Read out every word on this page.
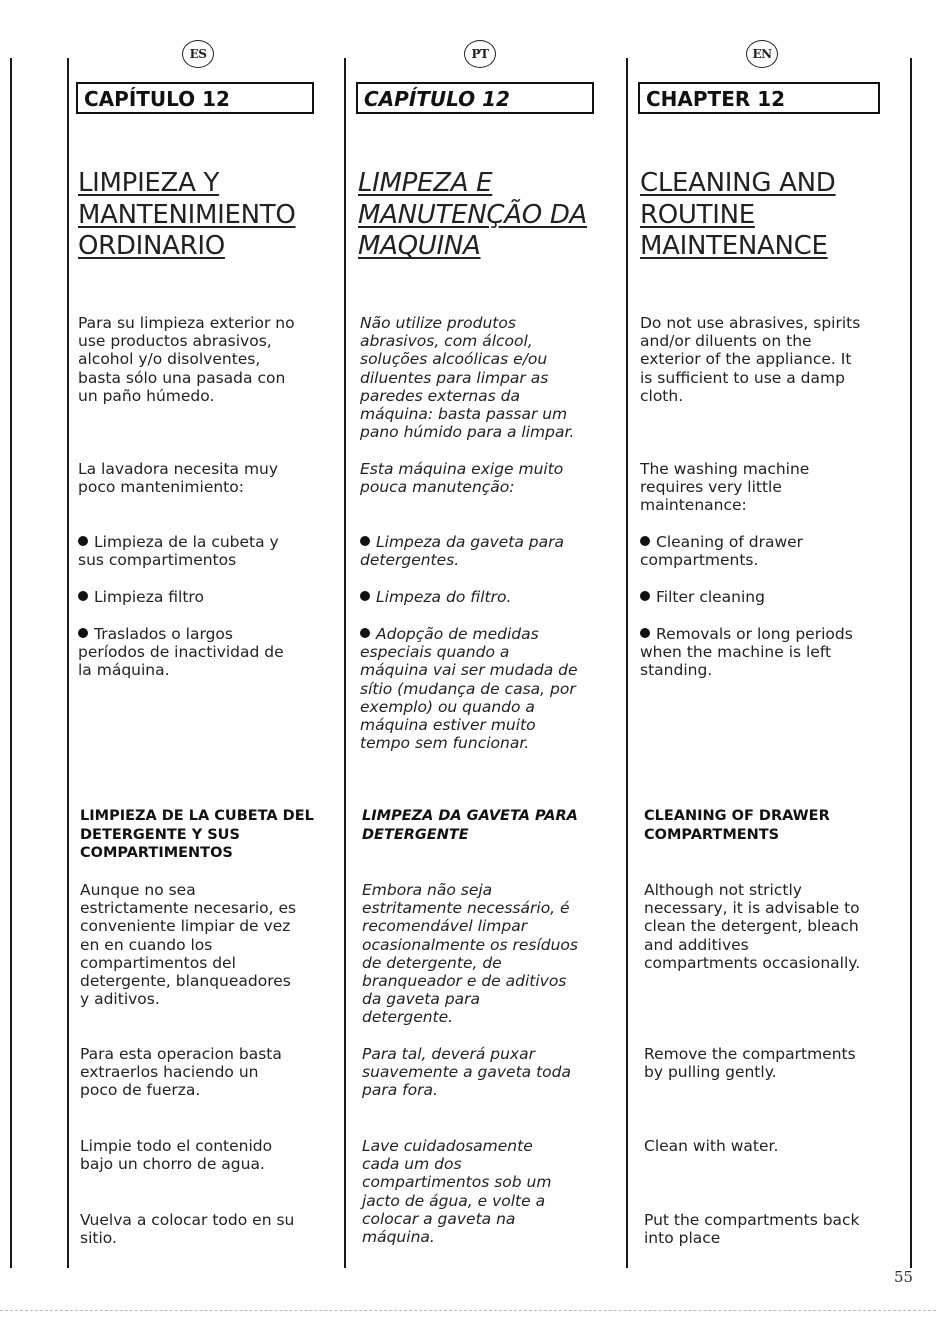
ES
CAPÍTULO 12
LIMPIEZA Y
MANTENIMIENTO
ORDINARIO
Para su limpieza exterior no
use productos abrasivos,
alcohol y/o disolventes,
basta sólo una pasada con
un paño húmedo.
La lavadora necesita muy
poco mantenimiento:
Limpieza de la cubeta y
sus compartimentos
Limpieza filtro
Traslados o largos
períodos de inactividad de
la máquina.
LIMPIEZA DE LA CUBETA DEL
DETERGENTE Y SUS
COMPARTIMENTOS
Aunque no sea
estrictamente necesario, es
conveniente limpiar de vez
en en cuando los
compartimentos del
detergente, blanqueadores
y aditivos.
Para esta operacion basta
extraerlos haciendo un
poco de fuerza.
Limpie todo el contenido
bajo un chorro de agua.
Vuelva a colocar todo en su
sitio.
PT
CAPÍTULO 12
LIMPEZA E
MANUTENÇÃO DA
MAQUINA
Não utilize produtos
abrasivos, com álcool,
soluções alcoólicas e/ou
diluentes para limpar as
paredes externas da
máquina: basta passar um
pano húmido para a limpar.
Esta máquina exige muito
pouca manutenção:
Limpeza da gaveta para
detergentes.
Limpeza do filtro.
Adopção de medidas
especiais quando a
máquina vai ser mudada de
sítio (mudança de casa, por
exemplo) ou quando a
máquina estiver muito
tempo sem funcionar.
LIMPEZA DA GAVETA PARA
DETERGENTE
Embora não seja
estritamente necessário, é
recomendável limpar
ocasionalmente os resíduos
de detergente, de
branqueador e de aditivos
da gaveta para
detergente.
Para tal, deverá puxar
suavemente a gaveta toda
para fora.
Lave cuidadosamente
cada um dos
compartimentos sob um
jacto de água, e volte a
colocar a gaveta na
máquina.
EN
CHAPTER 12
CLEANING AND
ROUTINE
MAINTENANCE
Do not use abrasives, spirits
and/or diluents on the
exterior of the appliance. It
is sufficient to use a damp
cloth.
The washing machine
requires very little
maintenance:
Cleaning of drawer
compartments.
Filter cleaning
Removals or long periods
when the machine is left
standing.
CLEANING OF DRAWER
COMPARTMENTS
Although not strictly
necessary, it is advisable to
clean the detergent, bleach
and additives
compartments occasionally.
Remove the compartments
by pulling gently.
Clean with water.
Put the compartments back
into place
55
